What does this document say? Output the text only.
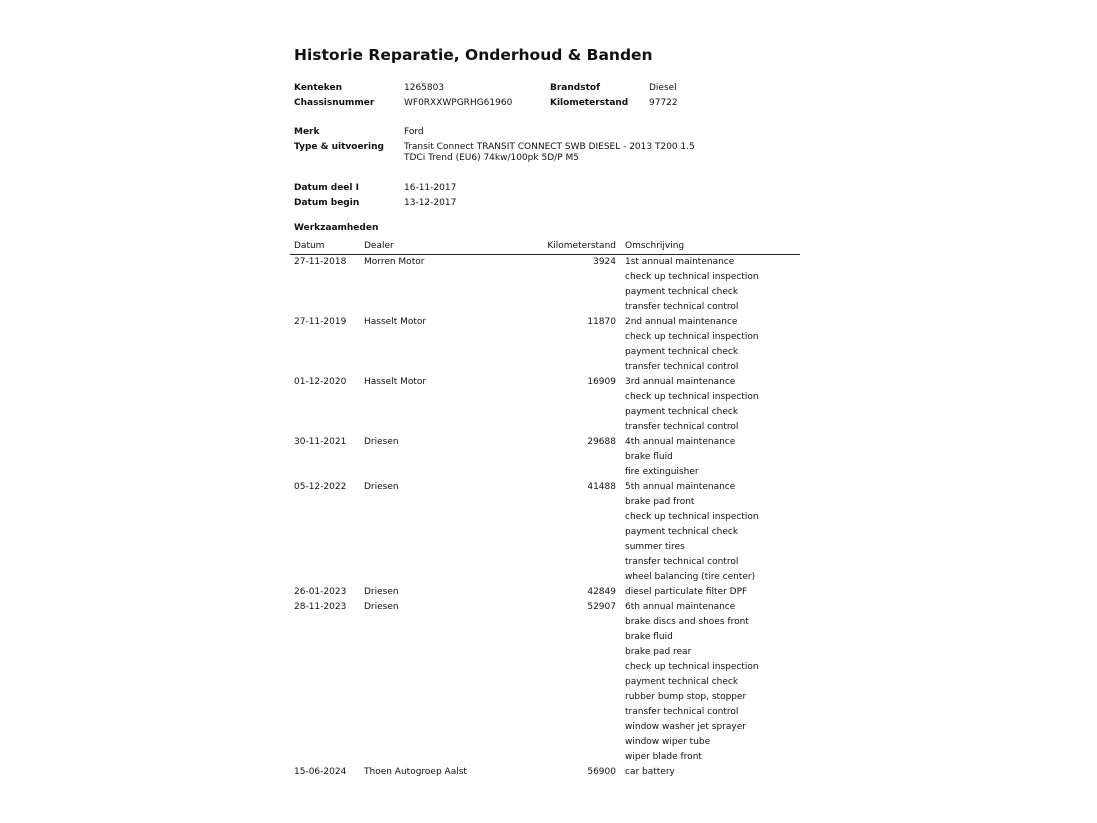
Historie Reparatie, Onderhoud & Banden
Kenteken	1265803	Brandstof	Diesel
Chassisnummer	WF0RXXWPGRHG61960	Kilometerstand 97722
Merk	Ford
Type & uitvoering Transit Connect TRANSIT CONNECT SWB DIESEL - 2013 T200 1.5
TDCi Trend (EU6) 74kw/100pk 5D/P M5
Datum deel I	16-11-2017
Datum begin	13-12-2017
Werkzaamheden
Datum	Dealer	Kilometerstand	Omschrijving
27-11-2018	Morren Motor	3924	1st annual maintenance
check up technical inspection
payment technical check
transfer technical control
27-11-2019	Hasselt Motor	11870	2nd annual maintenance
check up technical inspection
payment technical check
transfer technical control
01-12-2020	Hasselt Motor	16909	3rd annual maintenance
check up technical inspection
payment technical check
transfer technical control
30-11-2021	Driesen	29688	4th annual maintenance
brake fluid
fire extinguisher
05-12-2022	Driesen	41488	5th annual maintenance
brake pad front
check up technical inspection
payment technical check
summer tires
transfer technical control
wheel balancing (tire center)
26-01-2023	Driesen	42849	diesel particulate filter DPF
28-11-2023	Driesen	52907	6th annual maintenance
brake discs and shoes front
brake fluid
brake pad rear
check up technical inspection
payment technical check
rubber bump stop, stopper
transfer technical control
window washer jet sprayer
window wiper tube
wiper blade front
15-06-2024	Thoen Autogroep Aalst	56900	car battery
